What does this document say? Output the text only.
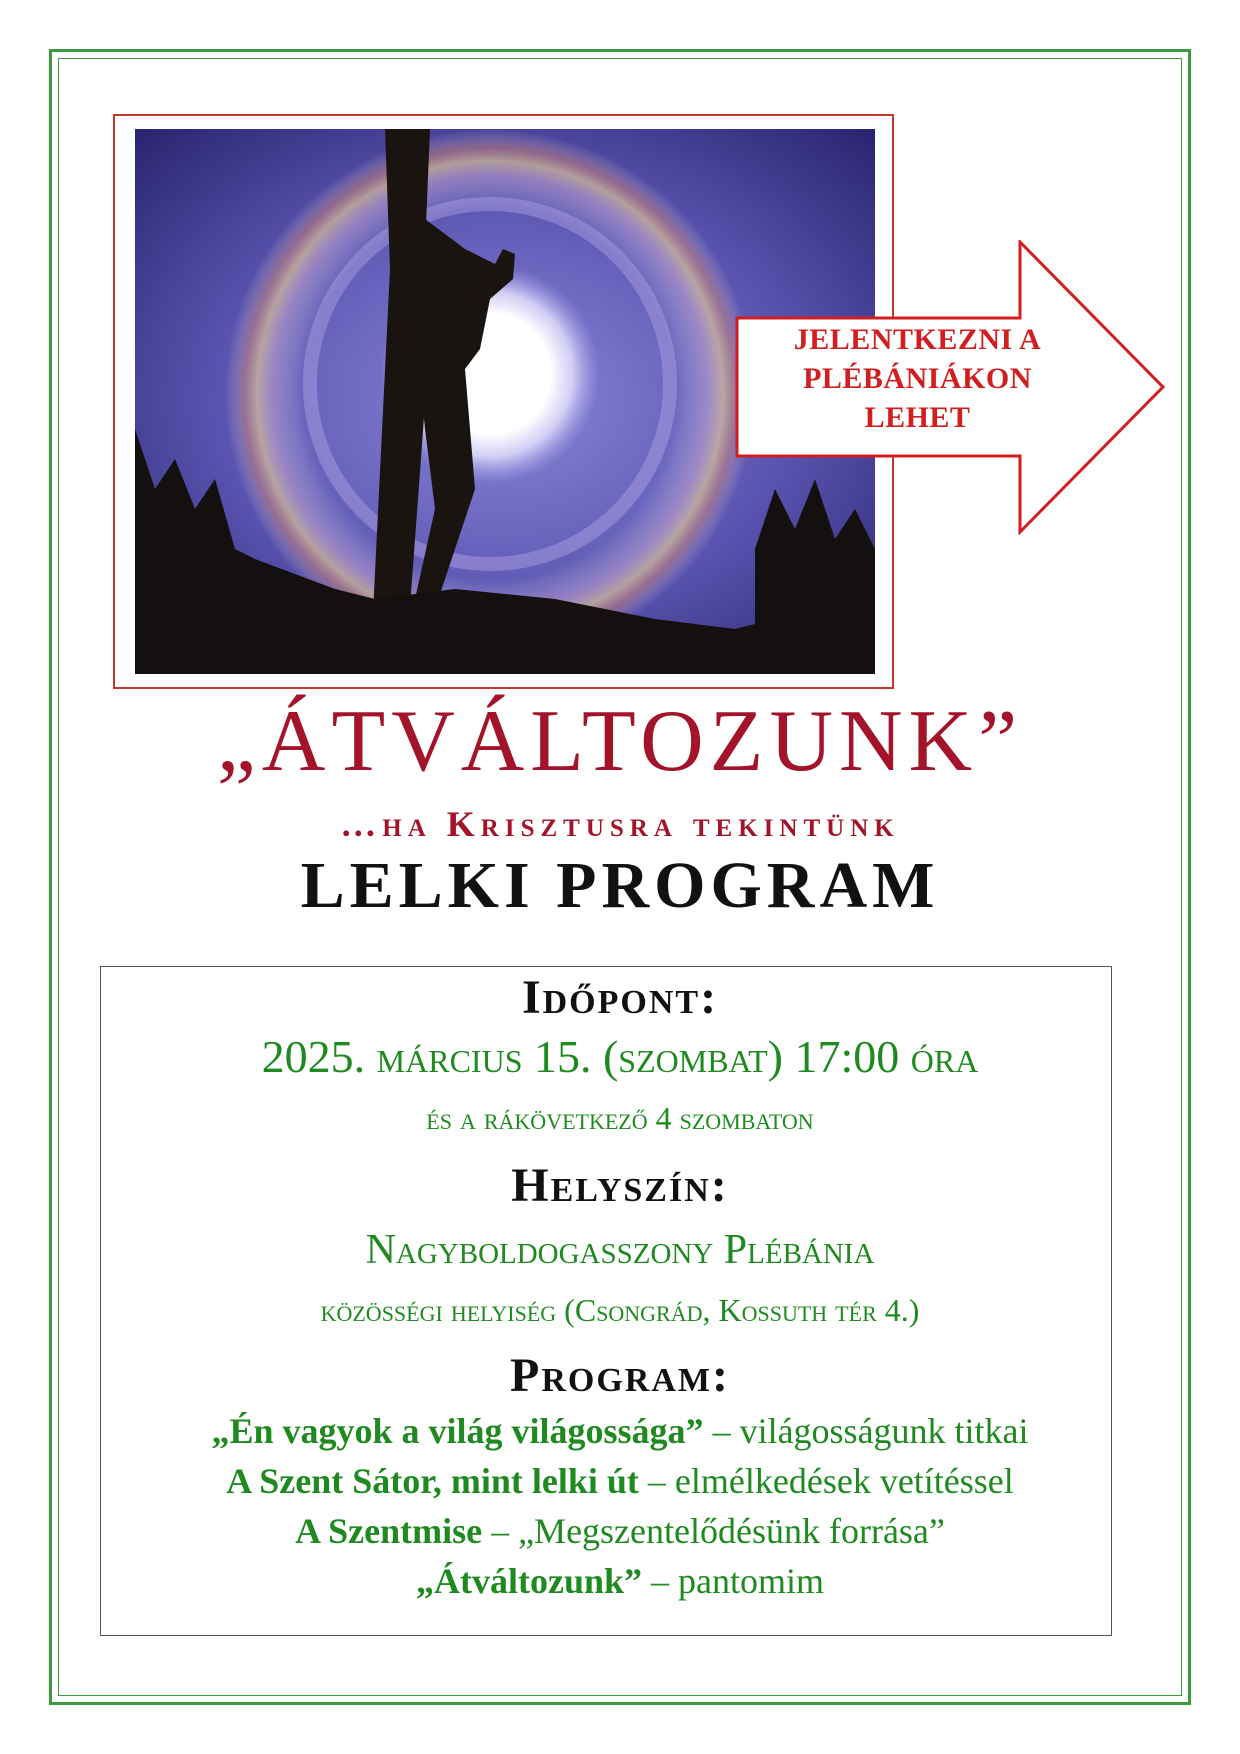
JELENTKEZNI A
PLÉBÁNIÁKON
LEHET
„ÁTVÁLTOZUNK”
…ha Krisztusra tekintünk
LELKI PROGRAM
Időpont:
2025. március 15. (szombat) 17:00 óra
és a rákövetkező 4 szombaton
Helyszín:
Nagyboldogasszony Plébánia
közösségi helyiség (Csongrád, Kossuth tér 4.)
Program:
„Én vagyok a világ világossága” – világosságunk titkai
A Szent Sátor, mint lelki út – elmélkedések vetítéssel
A Szentmise – „Megszentelődésünk forrása”
„Átváltozunk” – pantomim
